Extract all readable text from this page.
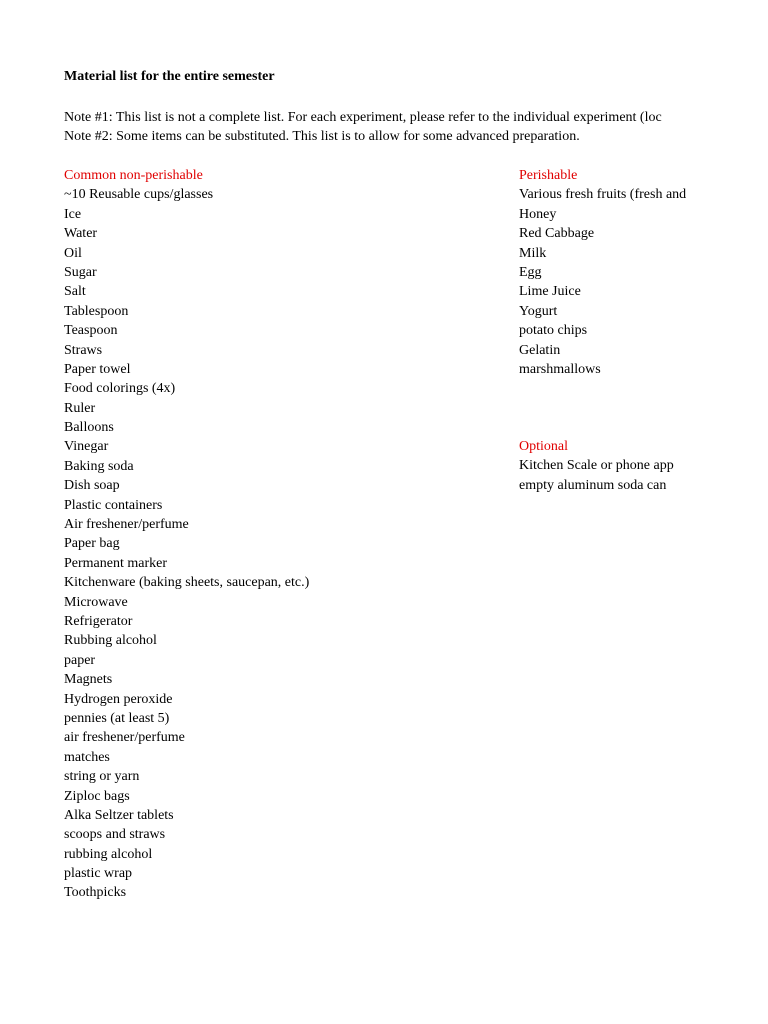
Material list for the entire semester
Note #1: This list is not a complete list. For each experiment, please refer to the individual experiment (loc
Note #2: Some items can be substituted. This list is to allow for some advanced preparation.
Common non-perishable
~10 Reusable cups/glasses
Ice
Water
Oil
Sugar
Salt
Tablespoon
Teaspoon
Straws
Paper towel
Food colorings (4x)
Ruler
Balloons
Vinegar
Baking soda
Dish soap
Plastic containers
Air freshener/perfume
Paper bag
Permanent marker
Kitchenware (baking sheets, saucepan, etc.)
Microwave
Refrigerator
Rubbing alcohol
paper
Magnets
Hydrogen peroxide
pennies (at least 5)
air freshener/perfume
matches
string or yarn
Ziploc bags
Alka Seltzer tablets
scoops and straws
rubbing alcohol
plastic wrap
Toothpicks
Perishable
Various fresh fruits (fresh and
Honey
Red Cabbage
Milk
Egg
Lime Juice
Yogurt
potato chips
Gelatin
marshmallows
Optional
Kitchen Scale or phone app
empty aluminum soda can
